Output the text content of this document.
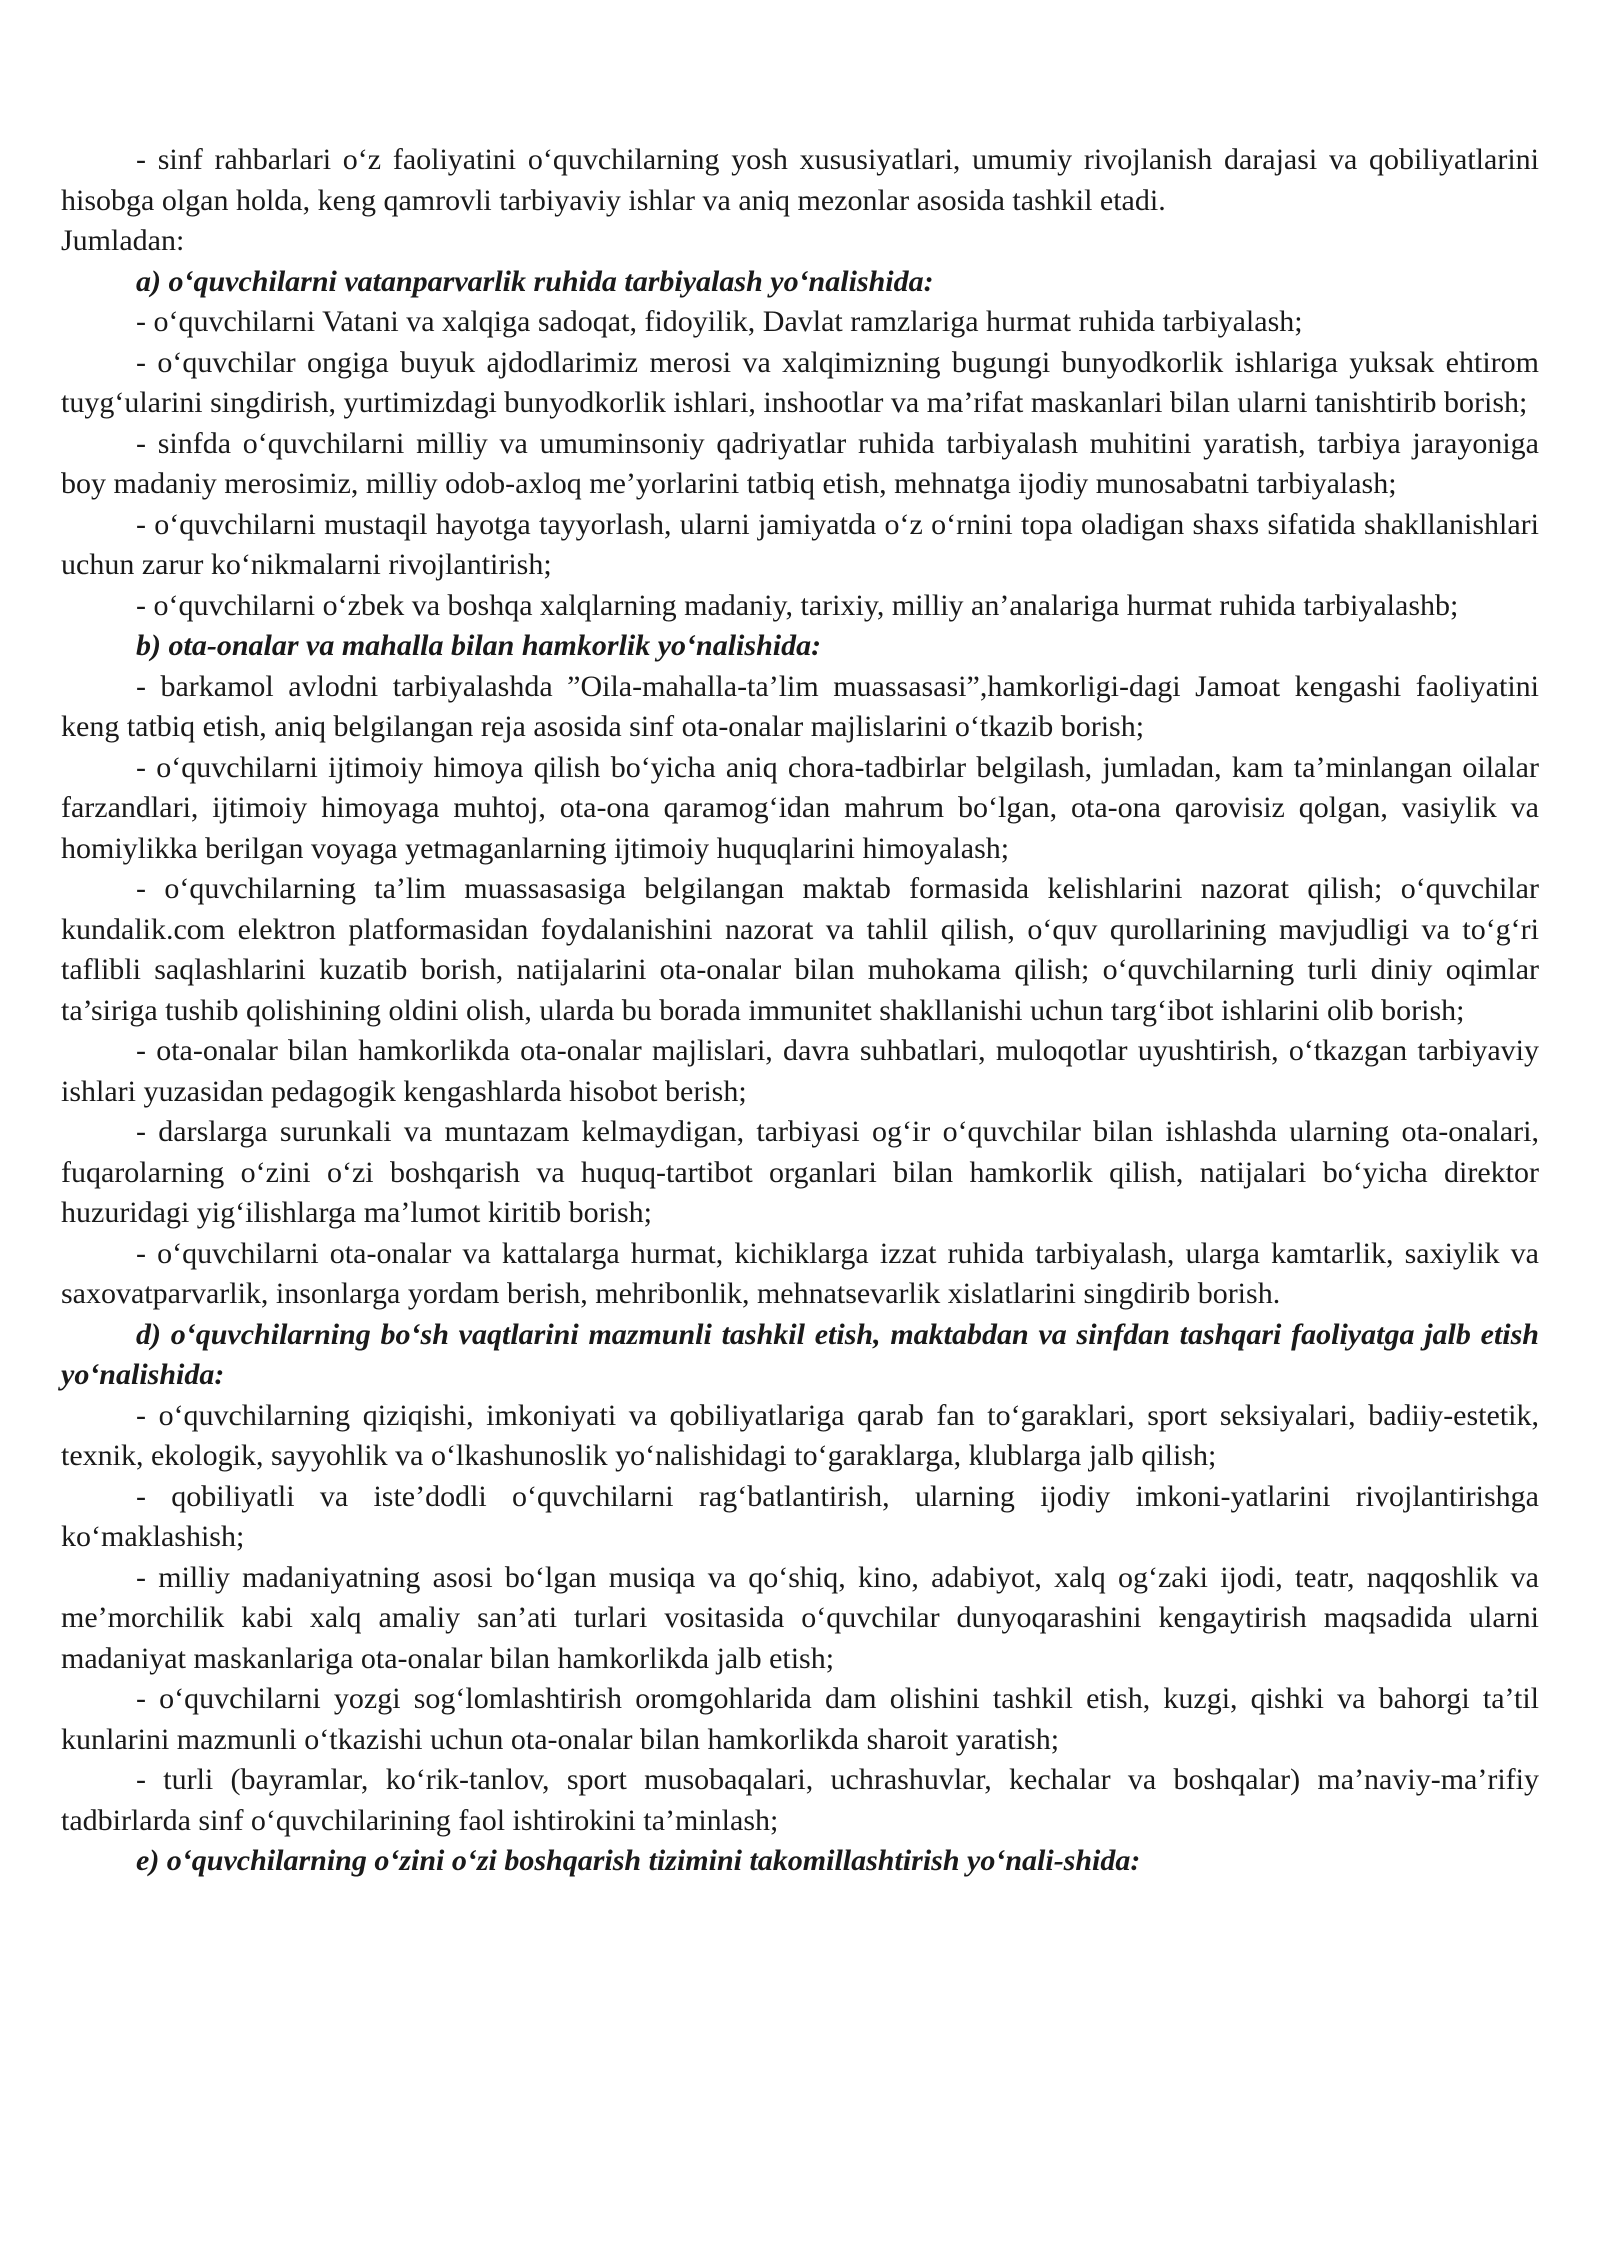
- sinf rahbarlari o‘z faoliyatini o‘quvchilarning yosh xususiyatlari, umumiy rivojlanish darajasi va qobiliyatlarini hisobga olgan holda, keng qamrovli tarbiyaviy ishlar va aniq mezonlar asosida tashkil etadi.

Jumladan:

a) o‘quvchilarni vatanparvarlik ruhida tarbiyalash yo‘nalishida:

- o‘quvchilarni Vatani va xalqiga sadoqat, fidoyilik, Davlat ramzlariga hurmat ruhida tarbiyalash;

- o‘quvchilar ongiga buyuk ajdodlarimiz merosi va xalqimizning bugungi bunyodkorlik ishlariga yuksak ehtirom tuyg‘ularini singdirish, yurtimizdagi bunyodkorlik ishlari, inshootlar va ma’rifat maskanlari bilan ularni tanishtirib borish;

- sinfda o‘quvchilarni milliy va umuminsoniy qadriyatlar ruhida tarbiyalash muhitini yaratish, tarbiya jarayoniga boy madaniy merosimiz, milliy odob-axloq me’yorlarini tatbiq etish, mehnatga ijodiy munosabatni tarbiyalash;

- o‘quvchilarni mustaqil hayotga tayyorlash, ularni jamiyatda o‘z o‘rnini topa oladigan shaxs sifatida shakllanishlari uchun zarur ko‘nikmalarni rivojlantirish;

- o‘quvchilarni o‘zbek va boshqa xalqlarning madaniy, tarixiy, milliy an’analariga hurmat ruhida tarbiyalashb;

b) ota-onalar va mahalla bilan hamkorlik yo‘nalishida:

- barkamol avlodni tarbiyalashda ”Oila-mahalla-ta’lim muassasasi”,hamkorligi-dagi Jamoat kengashi faoliyatini keng tatbiq etish, aniq belgilangan reja asosida sinf ota-onalar majlislarini o‘tkazib borish;

- o‘quvchilarni ijtimoiy himoya qilish bo‘yicha aniq chora-tadbirlar belgilash, jumladan, kam ta’minlangan oilalar farzandlari, ijtimoiy himoyaga muhtoj, ota-ona qaramog‘idan mahrum bo‘lgan, ota-ona qarovisiz qolgan, vasiylik va homiylikka berilgan voyaga yetmaganlarning ijtimoiy huquqlarini himoyalash;

- o‘quvchilarning ta’lim muassasasiga belgilangan maktab formasida kelishlarini nazorat qilish; o‘quvchilar kundalik.com elektron platformasidan foydalanishini nazorat va tahlil qilish, o‘quv qurollarining mavjudligi va to‘g‘ri taflibli saqlashlarini kuzatib borish, natijalarini ota-onalar bilan muhokama qilish; o‘quvchilarning turli diniy oqimlar ta’siriga tushib qolishining oldini olish, ularda bu borada immunitet shakllanishi uchun targ‘ibot ishlarini olib borish;

- ota-onalar bilan hamkorlikda ota-onalar majlislari, davra suhbatlari, muloqotlar uyushtirish, o‘tkazgan tarbiyaviy ishlari yuzasidan pedagogik kengashlarda hisobot berish;

- darslarga surunkali va muntazam kelmaydigan, tarbiyasi og‘ir o‘quvchilar bilan ishlashda ularning ota-onalari, fuqarolarning o‘zini o‘zi boshqarish va huquq-tartibot organlari bilan hamkorlik qilish, natijalari bo‘yicha direktor huzuridagi yig‘ilishlarga ma’lumot kiritib borish;

- o‘quvchilarni ota-onalar va kattalarga hurmat, kichiklarga izzat ruhida tarbiyalash, ularga kamtarlik, saxiylik va saxovatparvarlik, insonlarga yordam berish, mehribonlik, mehnatsevarlik xislatlarini singdirib borish.

d) o‘quvchilarning bo‘sh vaqtlarini mazmunli tashkil etish, maktabdan va sinfdan tashqari faoliyatga jalb etish yo‘nalishida:

- o‘quvchilarning qiziqishi, imkoniyati va qobiliyatlariga qarab fan to‘garaklari, sport seksiyalari, badiiy-estetik, texnik, ekologik, sayyohlik va o‘lkashunoslik yo‘nalishidagi to‘garaklarga, klublarga jalb qilish;

- qobiliyatli va iste’dodli o‘quvchilarni rag‘batlantirish, ularning ijodiy imkoni-yatlarini rivojlantirishga ko‘maklashish;

- milliy madaniyatning asosi bo‘lgan musiqa va qo‘shiq, kino, adabiyot, xalq og‘zaki ijodi, teatr, naqqoshlik va me’morchilik kabi xalq amaliy san’ati turlari vositasida o‘quvchilar dunyoqarashini kengaytirish maqsadida ularni madaniyat maskanlariga ota-onalar bilan hamkorlikda jalb etish;

- o‘quvchilarni yozgi sog‘lomlashtirish oromgohlarida dam olishini tashkil etish, kuzgi, qishki va bahorgi ta’til kunlarini mazmunli o‘tkazishi uchun ota-onalar bilan hamkorlikda sharoit yaratish;

- turli (bayramlar, ko‘rik-tanlov, sport musobaqalari, uchrashuvlar, kechalar va boshqalar) ma’naviy-ma’rifiy tadbirlarda sinf o‘quvchilarining faol ishtirokini ta’minlash;

e) o‘quvchilarning o‘zini o‘zi boshqarish tizimini takomillashtirish yo‘nali-shida:
